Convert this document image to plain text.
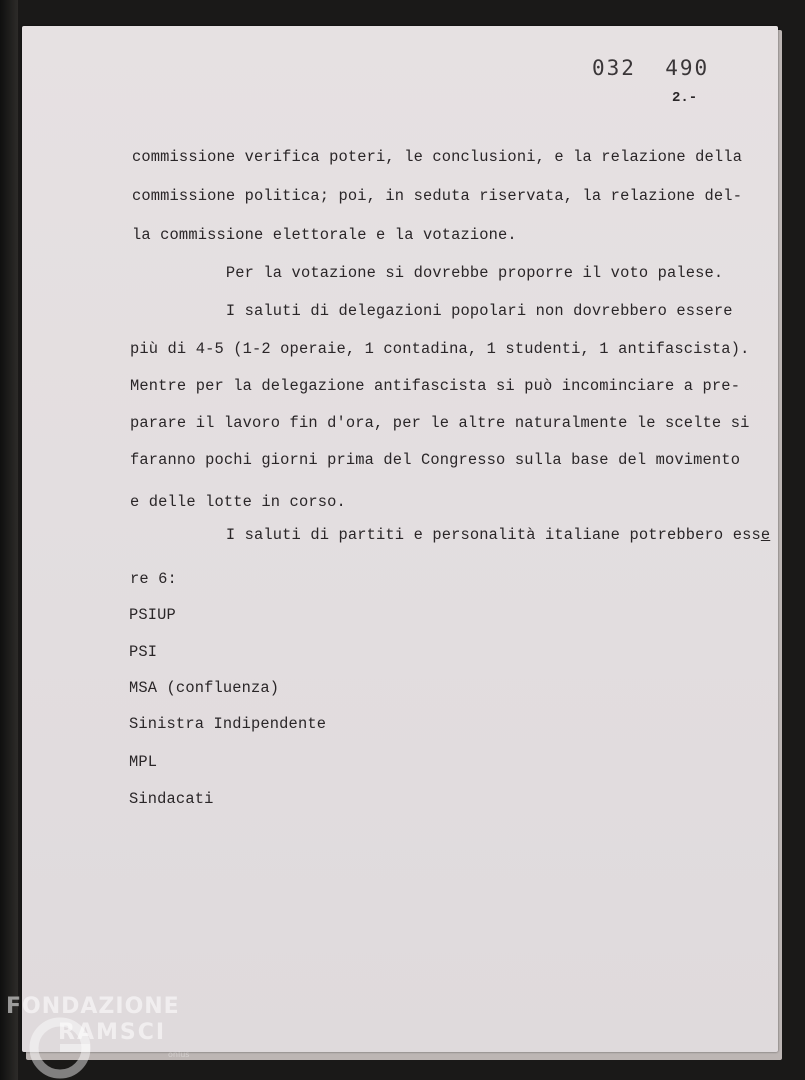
032  490
2.-
commissione verifica poteri, le conclusioni, e la relazione della
commissione politica; poi, in seduta riservata, la relazione del-
la commissione elettorale e la votazione.
Per la votazione si dovrebbe proporre il voto palese.
I saluti di delegazioni popolari non dovrebbero essere
più di 4-5 (1-2 operaie, 1 contadina, 1 studenti, 1 antifascista).
Mentre per la delegazione antifascista si può incominciare a pre-
parare il lavoro fin d'ora, per le altre naturalmente le scelte si
faranno pochi giorni prima del Congresso sulla base del movimento
e delle lotte in corso.
I saluti di partiti e personalità italiane potrebbero esse
re 6:
PSIUP
PSI
MSA (confluenza)
Sinistra Indipendente
MPL
Sindacati
FONDAZIONE
RAMSCI
onlus
